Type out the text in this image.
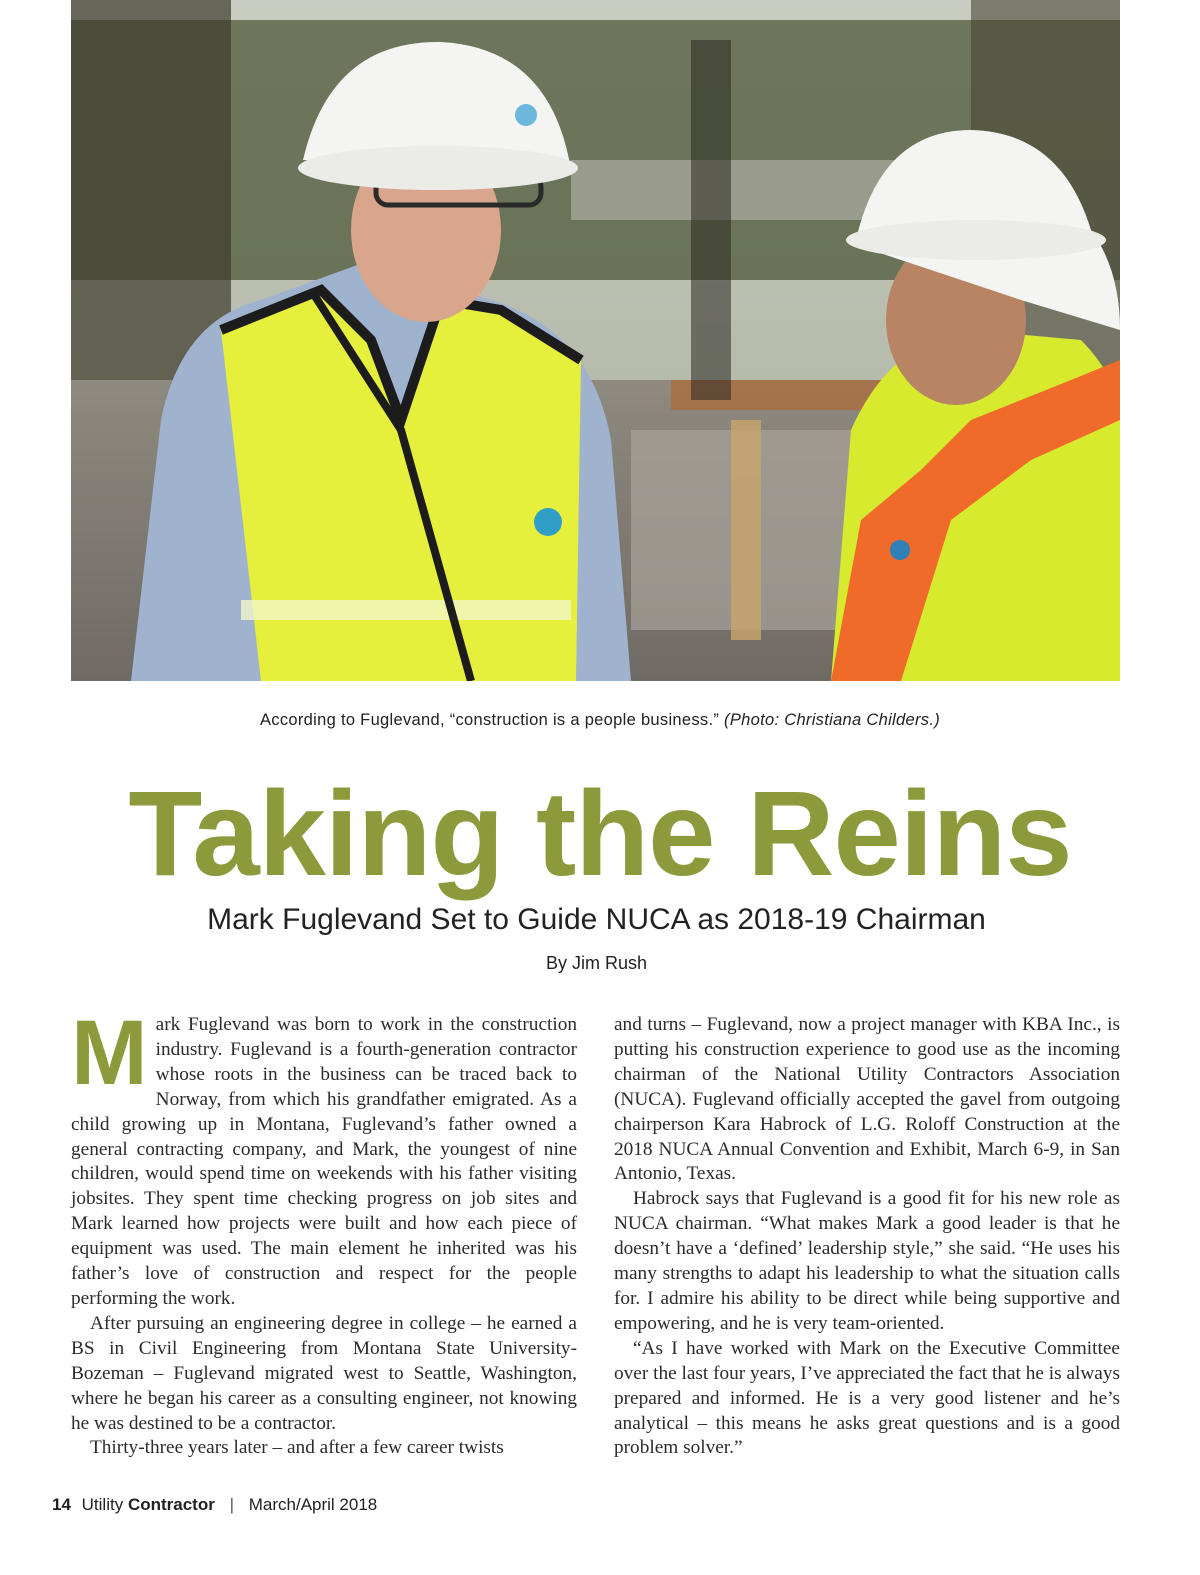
According to Fuglevand, “construction is a people business.” (Photo: Christiana Childers.)
Taking the Reins
Mark Fuglevand Set to Guide NUCA as 2018-19 Chairman
By Jim Rush

Mark Fuglevand was born to work in the construction industry. Fuglevand is a fourth-generation contractor whose roots in the business can be traced back to Norway, from which his grandfather emigrated. As a child growing up in Montana, Fuglevand’s father owned a general contracting company, and Mark, the youngest of nine children, would spend time on weekends with his father visiting jobsites. They spent time checking progress on job sites and Mark learned how projects were built and how each piece of equipment was used. The main element he inherited was his father’s love of construction and respect for the people performing the work.

After pursuing an engineering degree in college – he earned a BS in Civil Engineering from Montana State University-Bozeman – Fuglevand migrated west to Seattle, Washington, where he began his career as a consulting engineer, not knowing he was destined to be a contractor.

Thirty-three years later – and after a few career twists

and turns – Fuglevand, now a project manager with KBA Inc., is putting his construction experience to good use as the incoming chairman of the National Utility Contractors Association (NUCA). Fuglevand officially accepted the gavel from outgoing chairperson Kara Habrock of L.G. Roloff Construction at the 2018 NUCA Annual Convention and Exhibit, March 6-9, in San Antonio, Texas.

Habrock says that Fuglevand is a good fit for his new role as NUCA chairman. “What makes Mark a good leader is that he doesn’t have a ‘defined’ leadership style,” she said. “He uses his many strengths to adapt his leadership to what the situation calls for. I admire his ability to be direct while being supportive and empowering, and he is very team-oriented.

“As I have worked with Mark on the Executive Committee over the last four years, I’ve appreciated the fact that he is always prepared and informed. He is a very good listener and he’s analytical – this means he asks great questions and is a good problem solver.”

14 Utility Contractor | March/April 2018
